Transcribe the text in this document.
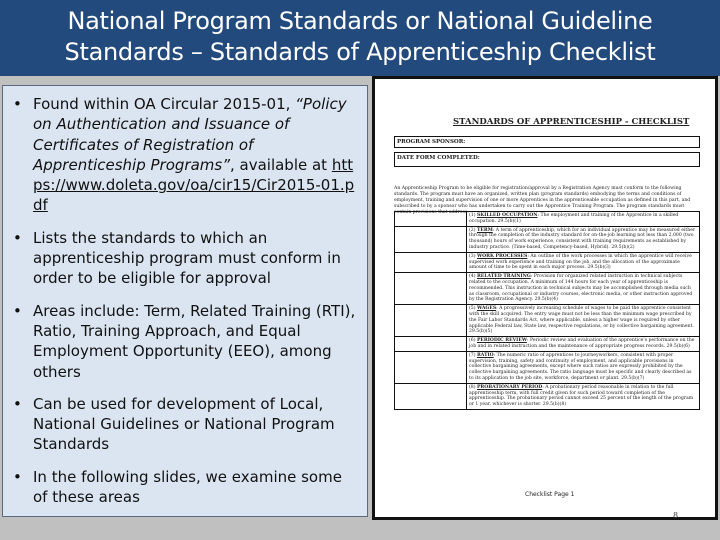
National Program Standards or National Guideline
Standards – Standards of Apprenticeship Checklist
• Found within OA Circular 2015-01, “Policy on Authentication and Issuance of Certificates of Registration of Apprenticeship Programs”, available at https://www.doleta.gov/oa/cir15/Cir2015-01.pdf
• Lists the standards to which an apprenticeship program must conform in order to be eligible for approval
• Areas include: Term, Related Training (RTI), Ratio, Training Approach, and Equal Employment Opportunity (EEO), among others
• Can be used for development of Local, National Guidelines or National Program Standards
• In the following slides, we examine some of these areas
STANDARDS OF APPRENTICESHIP - CHECKLIST
PROGRAM SPONSOR:
DATE FORM COMPLETED:
An Apprenticeship Program to be eligible for registration/approval by a Registration Agency must conform to the following standards. The program must have an organized, written plan (program standards) embodying the terms and conditions of employment, training and supervision of one or more Apprentices in the apprenticeable occupation as defined in this part, and subscribed to by a sponsor who has undertaken to carry out the Apprentice Training Program. The program standards must contain provisions that address:
	(1) SKILLED OCCUPATION: The employment and training of the Apprentice in a skilled occupation. 29.5(b)(1)
	(2) TERM: A term of apprenticeship, which for an individual apprentice may be measured either through the completion of the industry standard for on-the-job learning not less than 2,000 (two thousand) hours of work experience, consistent with training requirements as established by industry practice. (Time-based, Competency-based, Hybrid). 29.5(b)(2)
	(3) WORK PROCESSES: An outline of the work processes in which the apprentice will receive supervised work experience and training on the job, and the allocation of the approximate amount of time to be spent in each major process. 29.5(b)(3)
	(4) RELATED TRAINING: Provision for organized related instruction in technical subjects related to the occupation. A minimum of 144 hours for each year of apprenticeship is recommended. This instruction in technical subjects may be accomplished through media such as classroom, occupational or industry courses, electronic media, or other instruction approved by the Registration Agency. 29.5(b)(4)
	(5) WAGES: A progressively increasing schedule of wages to be paid the apprentice consistent with the skill acquired. The entry wage must not be less than the minimum wage prescribed by the Fair Labor Standards Act, where applicable, unless a higher wage is required by other applicable Federal law, State law, respective regulations, or by collective bargaining agreement. 29.5(b)(5)
	(6) PERIODIC REVIEW: Periodic review and evaluation of the apprentice's performance on the job and in related instruction and the maintenance of appropriate progress records. 29.5(b)(6)
	(7) RATIO: The numeric ratio of apprentices to journeyworkers, consistent with proper supervision, training, safety and continuity of employment, and applicable provisions in collective bargaining agreements, except where such ratios are expressly prohibited by the collective bargaining agreements. The ratio language must be specific and clearly described as to its application to the job site, workforce, department or plant. 29.5(b)(7)
	(8) PROBATIONARY PERIOD: A probationary period reasonable in relation to the full apprenticeship term, with full credit given for such period toward completion of the apprenticeship. The probationary period cannot exceed 25 percent of the length of the program or 1 year, whichever is shorter. 29.5(b)(8)
Checklist Page 1
8
